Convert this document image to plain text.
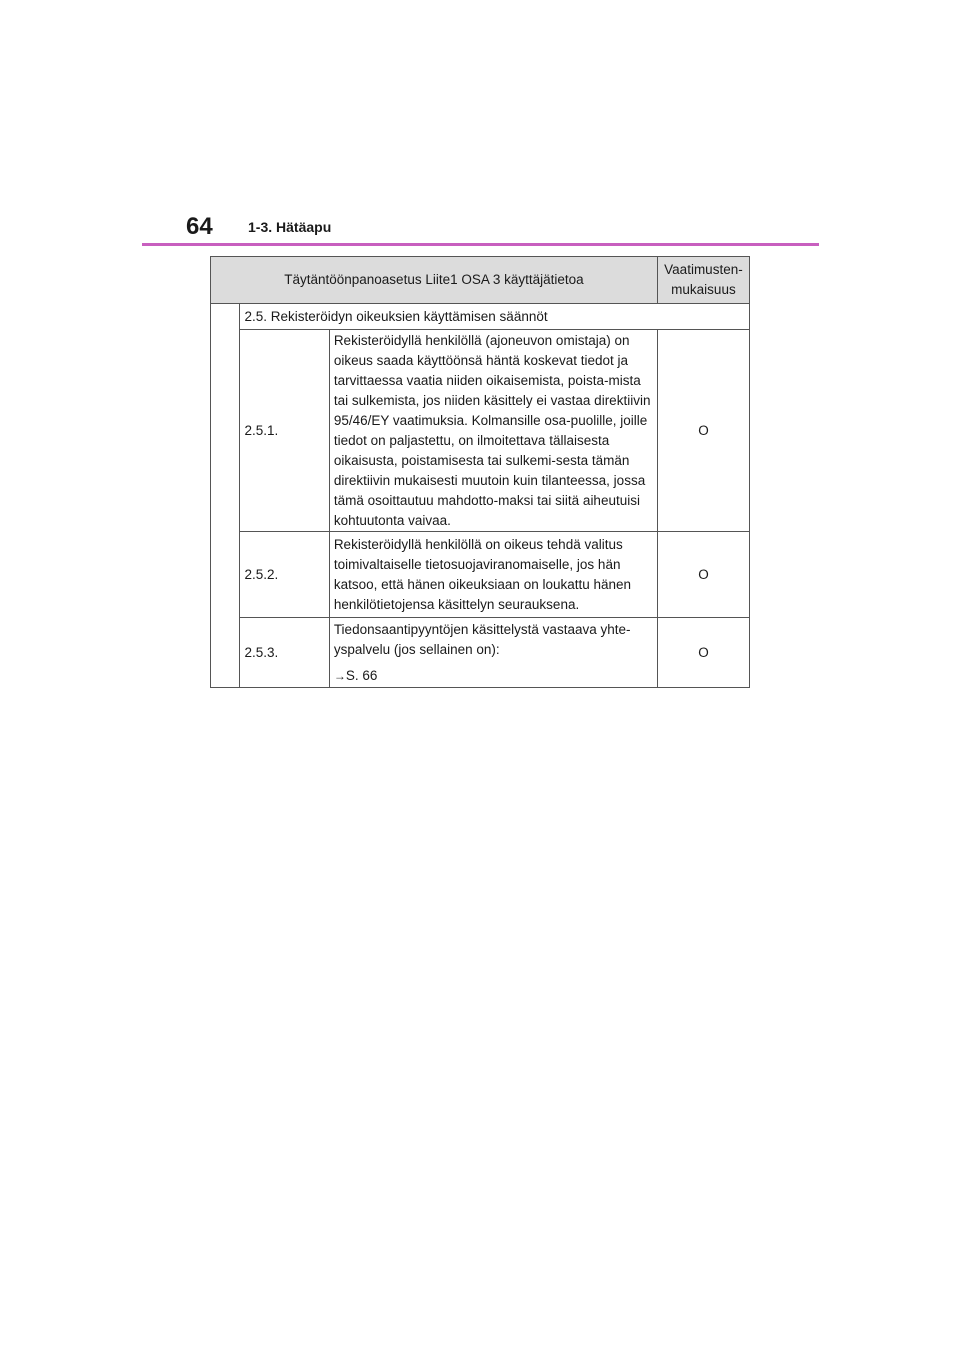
64	1-3. Hätäapu
Täytäntöönpanoasetus Liite1 OSA 3 käyttäjätietoa			Vaatimusten-
mukaisuus
	2.5. Rekisteröidyn oikeuksien käyttämisen säännöt		
	2.5.1.	Rekisteröidyllä henkilöllä (ajoneuvon omistaja) on oikeus saada käyttöönsä häntä koskevat tiedot ja tarvittaessa vaatia niiden oikaisemista, poista-mista tai sulkemista, jos niiden käsittely ei vastaa direktiivin 95/46/EY vaatimuksia. Kolmansille osa-puolille, joille tiedot on paljastettu, on ilmoitettava tällaisesta oikaisusta, poistamisesta tai sulkemi-sesta tämän direktiivin mukaisesti muutoin kuin tilanteessa, jossa tämä osoittautuu mahdotto-maksi tai siitä aiheutuisi kohtuutonta vaivaa.	O
	2.5.2.	Rekisteröidyllä henkilöllä on oikeus tehdä valitus toimivaltaiselle tietosuojaviranomaiselle, jos hän katsoo, että hänen oikeuksiaan on loukattu hänen henkilötietojensa käsittelyn seurauksena.	O
	2.5.3.	Tiedonsaantipyyntöjen käsittelystä vastaava yhte-yspalvelu (jos sellainen on):
→S. 66	O
